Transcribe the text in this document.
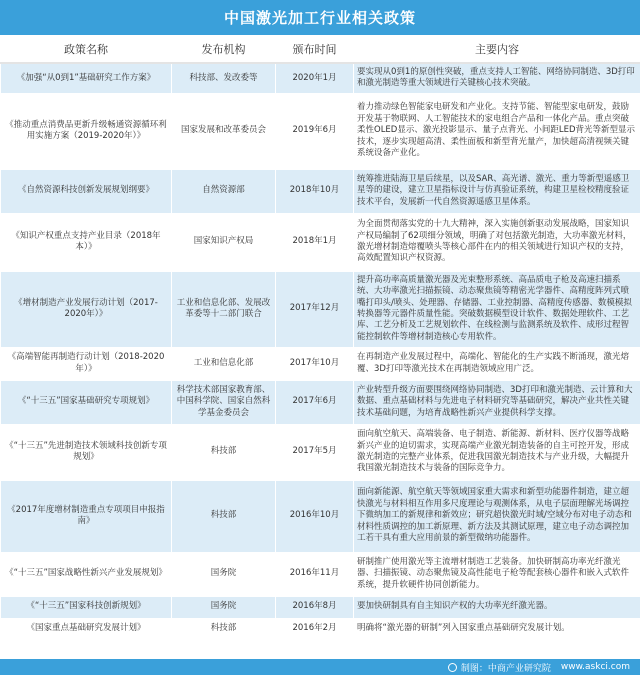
中国激光加工行业相关政策
政策名称	发布机构	颁布时间	主要内容
《加强“从0到1”基础研究工作方案》	科技部、发改委等	2020年1月	要实现从0到1的原创性突破，重点支持人工智能、网络协同制造、3D打印和激光制造等重大领域进行关键核心技术突破。
《推动重点消费品更新升级畅通资源循环利用实施方案（2019-2020年）》	国家发展和改革委员会	2019年6月	着力推动绿色智能家电研发和产业化。支持节能、智能型家电研发，鼓励开发基于物联网、人工智能技术的家电组合产品和一体化产品。重点突破柔性OLED显示、激光投影显示、量子点背光、小间距LED背光等新型显示技术，逐步实现超高清、柔性面板和新型背光量产，加快超高清视频关键系统设备产业化。
《自然资源科技创新发展规划纲要》	自然资源部	2018年10月	统筹推进陆海卫星后续星，以及SAR、高光谱、激光、重力等新型遥感卫星等的建设，建立卫星指标设计与仿真验证系统，构建卫星检校精度验证技术平台，发展新一代自然资源遥感卫星体系。
《知识产权重点支持产业目录（2018年本）》	国家知识产权局	2018年1月	为全面贯彻落实党的十九大精神，深入实施创新驱动发展战略，国家知识产权局编制了62项细分领域，明确了对包括激光制造，大功率激光材料，激光增材制造熔覆喷头等核心部件在内的相关领域进行知识产权的支持，高效配置知识产权资源。
《增材制造产业发展行动计划（2017-2020年）》	工业和信息化部、发展改革委等十二部门联合	2017年12月	提升高功率高质量激光器及光束整形系统、高品质电子枪及高速扫描系统、大功率激光扫描振镜、动态聚焦镜等精密光学器件、高精度阵列式喷嘴打印头/喷头、处理器、存储器、工业控制器、高精度传感器、数模模拟转换器等元器件质量性能。突破数据模型设计软件、数据处理软件、工艺库、工艺分析及工艺规划软件、在线检测与监测系统及软件、成形过程智能控制软件等增材制造核心专用软件。
《高端智能再制造行动计划（2018-2020年）》	工业和信息化部	2017年10月	在再制造产业发展过程中，高端化、智能化的生产实践不断涌现，激光熔覆、3D打印等激光技术在再制造领域应用广泛。
《“十三五”国家基础研究专项规划》	科学技术部国家教育部、中国科学院、国家自然科学基金委员会	2017年6月	产业转型升级方面要围绕网络协同制造、3D打印和激光制造、云计算和大数据、重点基础材料与先进电子材料研究等基础研究，解决产业共性关键技术基础问题，为培育战略性新兴产业提供科学支撑。
《“十三五”先进制造技术领域科技创新专项规划》	科技部	2017年5月	面向航空航天、高端装备、电子制造、新能源、新材料、医疗仪器等战略新兴产业的迫切需求，实现高端产业激光制造装备的自主可控开发，形成激光制造的完整产业体系，促进我国激光制造技术与产业升级，大幅提升我国激光制造技术与装备的国际竞争力。
《2017年度增材制造重点专项项目申报指南》	科技部	2016年10月	面向新能源、航空航天等领域国家重大需求和新型功能器件制造，建立超快激光与材料相互作用多尺度理论与观测体系，从电子层面理解光场调控下微纳加工的新规律和新效应；研究超快激光时域/空域分布对电子动态和材料性质调控的加工新原理、新方法及其测试原理，建立电子动态调控加工若干具有重大应用前景的新型微纳功能器件。
《“十三五”国家战略性新兴产业发展规划》	国务院	2016年11月	研制推广使用激光等主流增材制造工艺装备。加快研制高功率光纤激光器、扫描振镜、动态聚焦镜及高性能电子枪等配套核心器件和嵌入式软件系统，提升软硬件协同创新能力。
《“十三五”国家科技创新规划》	国务院	2016年8月	要加快研制具有自主知识产权的大功率光纤激光器。
《国家重点基础研究发展计划》	科技部	2016年2月	明确将“激光器的研制”列入国家重点基础研究发展计划。
制图：中商产业研究院 www.askci.com
